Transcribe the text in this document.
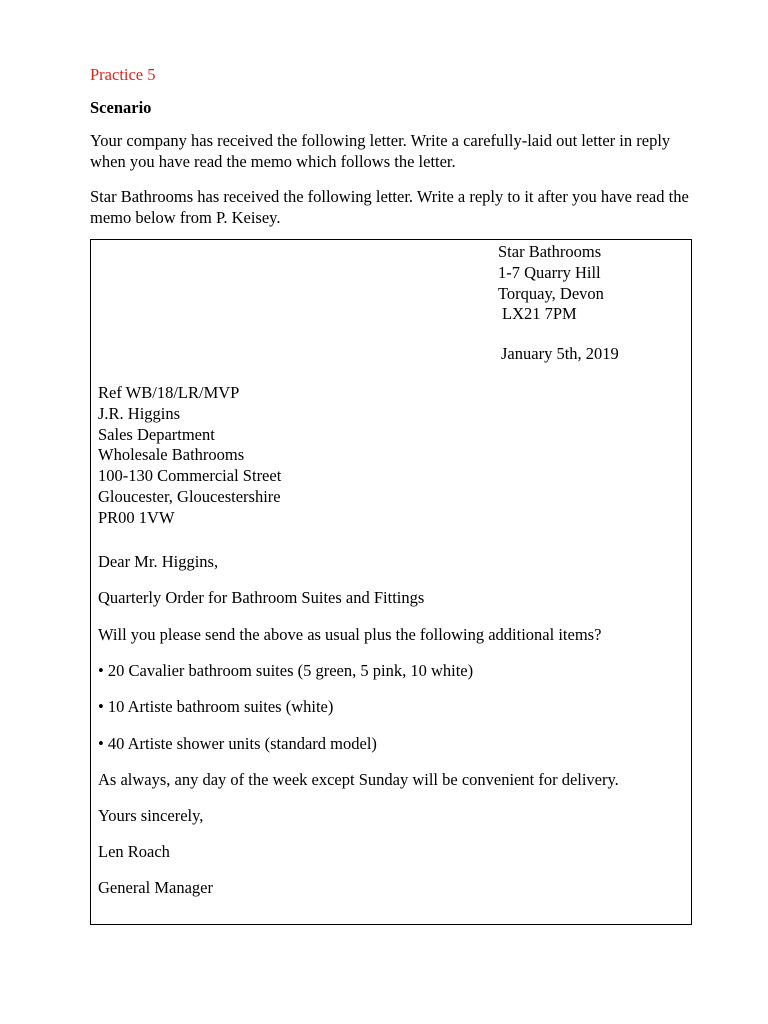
Practice 5
Scenario

Your company has received the following letter. Write a carefully-laid out letter in reply when you have read the memo which follows the letter.

Star Bathrooms has received the following letter. Write a reply to it after you have read the memo below from P. Keisey.

Star Bathrooms
1-7 Quarry Hill
Torquay, Devon
LX21 7PM
January 5th, 2019
Ref WB/18/LR/MVP
J.R. Higgins
Sales Department
Wholesale Bathrooms
100-130 Commercial Street
Gloucester, Gloucestershire
PR00 1VW
Dear Mr. Higgins,
Quarterly Order for Bathroom Suites and Fittings
Will you please send the above as usual plus the following additional items?
• 20 Cavalier bathroom suites (5 green, 5 pink, 10 white)
• 10 Artiste bathroom suites (white)
• 40 Artiste shower units (standard model)
As always, any day of the week except Sunday will be convenient for delivery.
Yours sincerely,
Len Roach
General Manager
